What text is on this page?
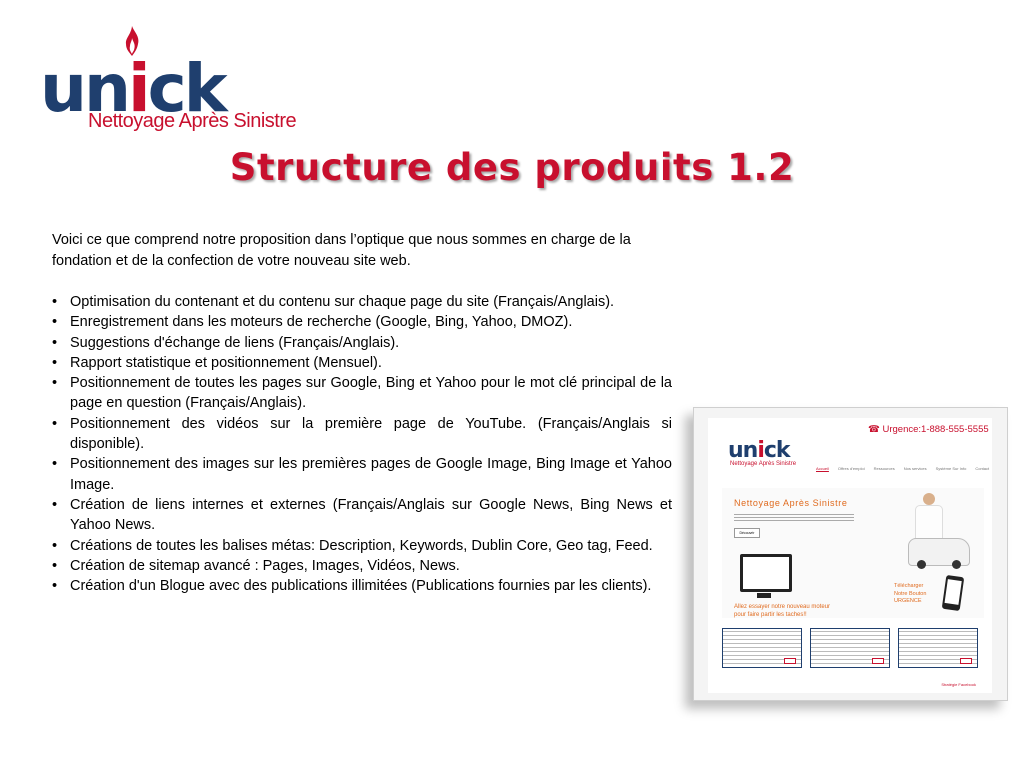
unick
Nettoyage Après Sinistre
Structure des produits 1.2
Voici ce que comprend notre proposition dans l’optique que nous sommes en charge de la fondation et de la confection de votre nouveau site web.
• Optimisation du contenant et du contenu sur chaque page du site (Français/Anglais).
• Enregistrement dans les moteurs de recherche (Google, Bing, Yahoo, DMOZ).
• Suggestions d'échange de liens (Français/Anglais).
• Rapport statistique et positionnement (Mensuel).
• Positionnement de toutes les pages sur Google, Bing et Yahoo pour le mot clé principal de la page en question (Français/Anglais).
• Positionnement des vidéos sur la première page de YouTube. (Français/Anglais si disponible).
• Positionnement des images sur les premières pages de Google Image, Bing Image et Yahoo Image.
• Création de liens internes et externes (Français/Anglais sur Google News, Bing News et Yahoo News.
• Créations de toutes les balises métas: Description, Keywords, Dublin Core, Geo tag, Feed.
• Création de sitemap avancé : Pages, Images, Vidéos, News.
• Création d'un Blogue avec des publications illimitées (Publications fournies par les clients).
☎ Urgence:1-888-555-5555
unick
Nettoyage Après Sinistre
Accueil Offres d'emploi Ressources Nos services Système Sur Info Contact
Nettoyage Après Sinistre
Découvrir
Allez essayer notre nouveau moteur
pour faire partir les taches!!
Télécharger
Notre Bouton
URGENCE
Stratégie Facebook
